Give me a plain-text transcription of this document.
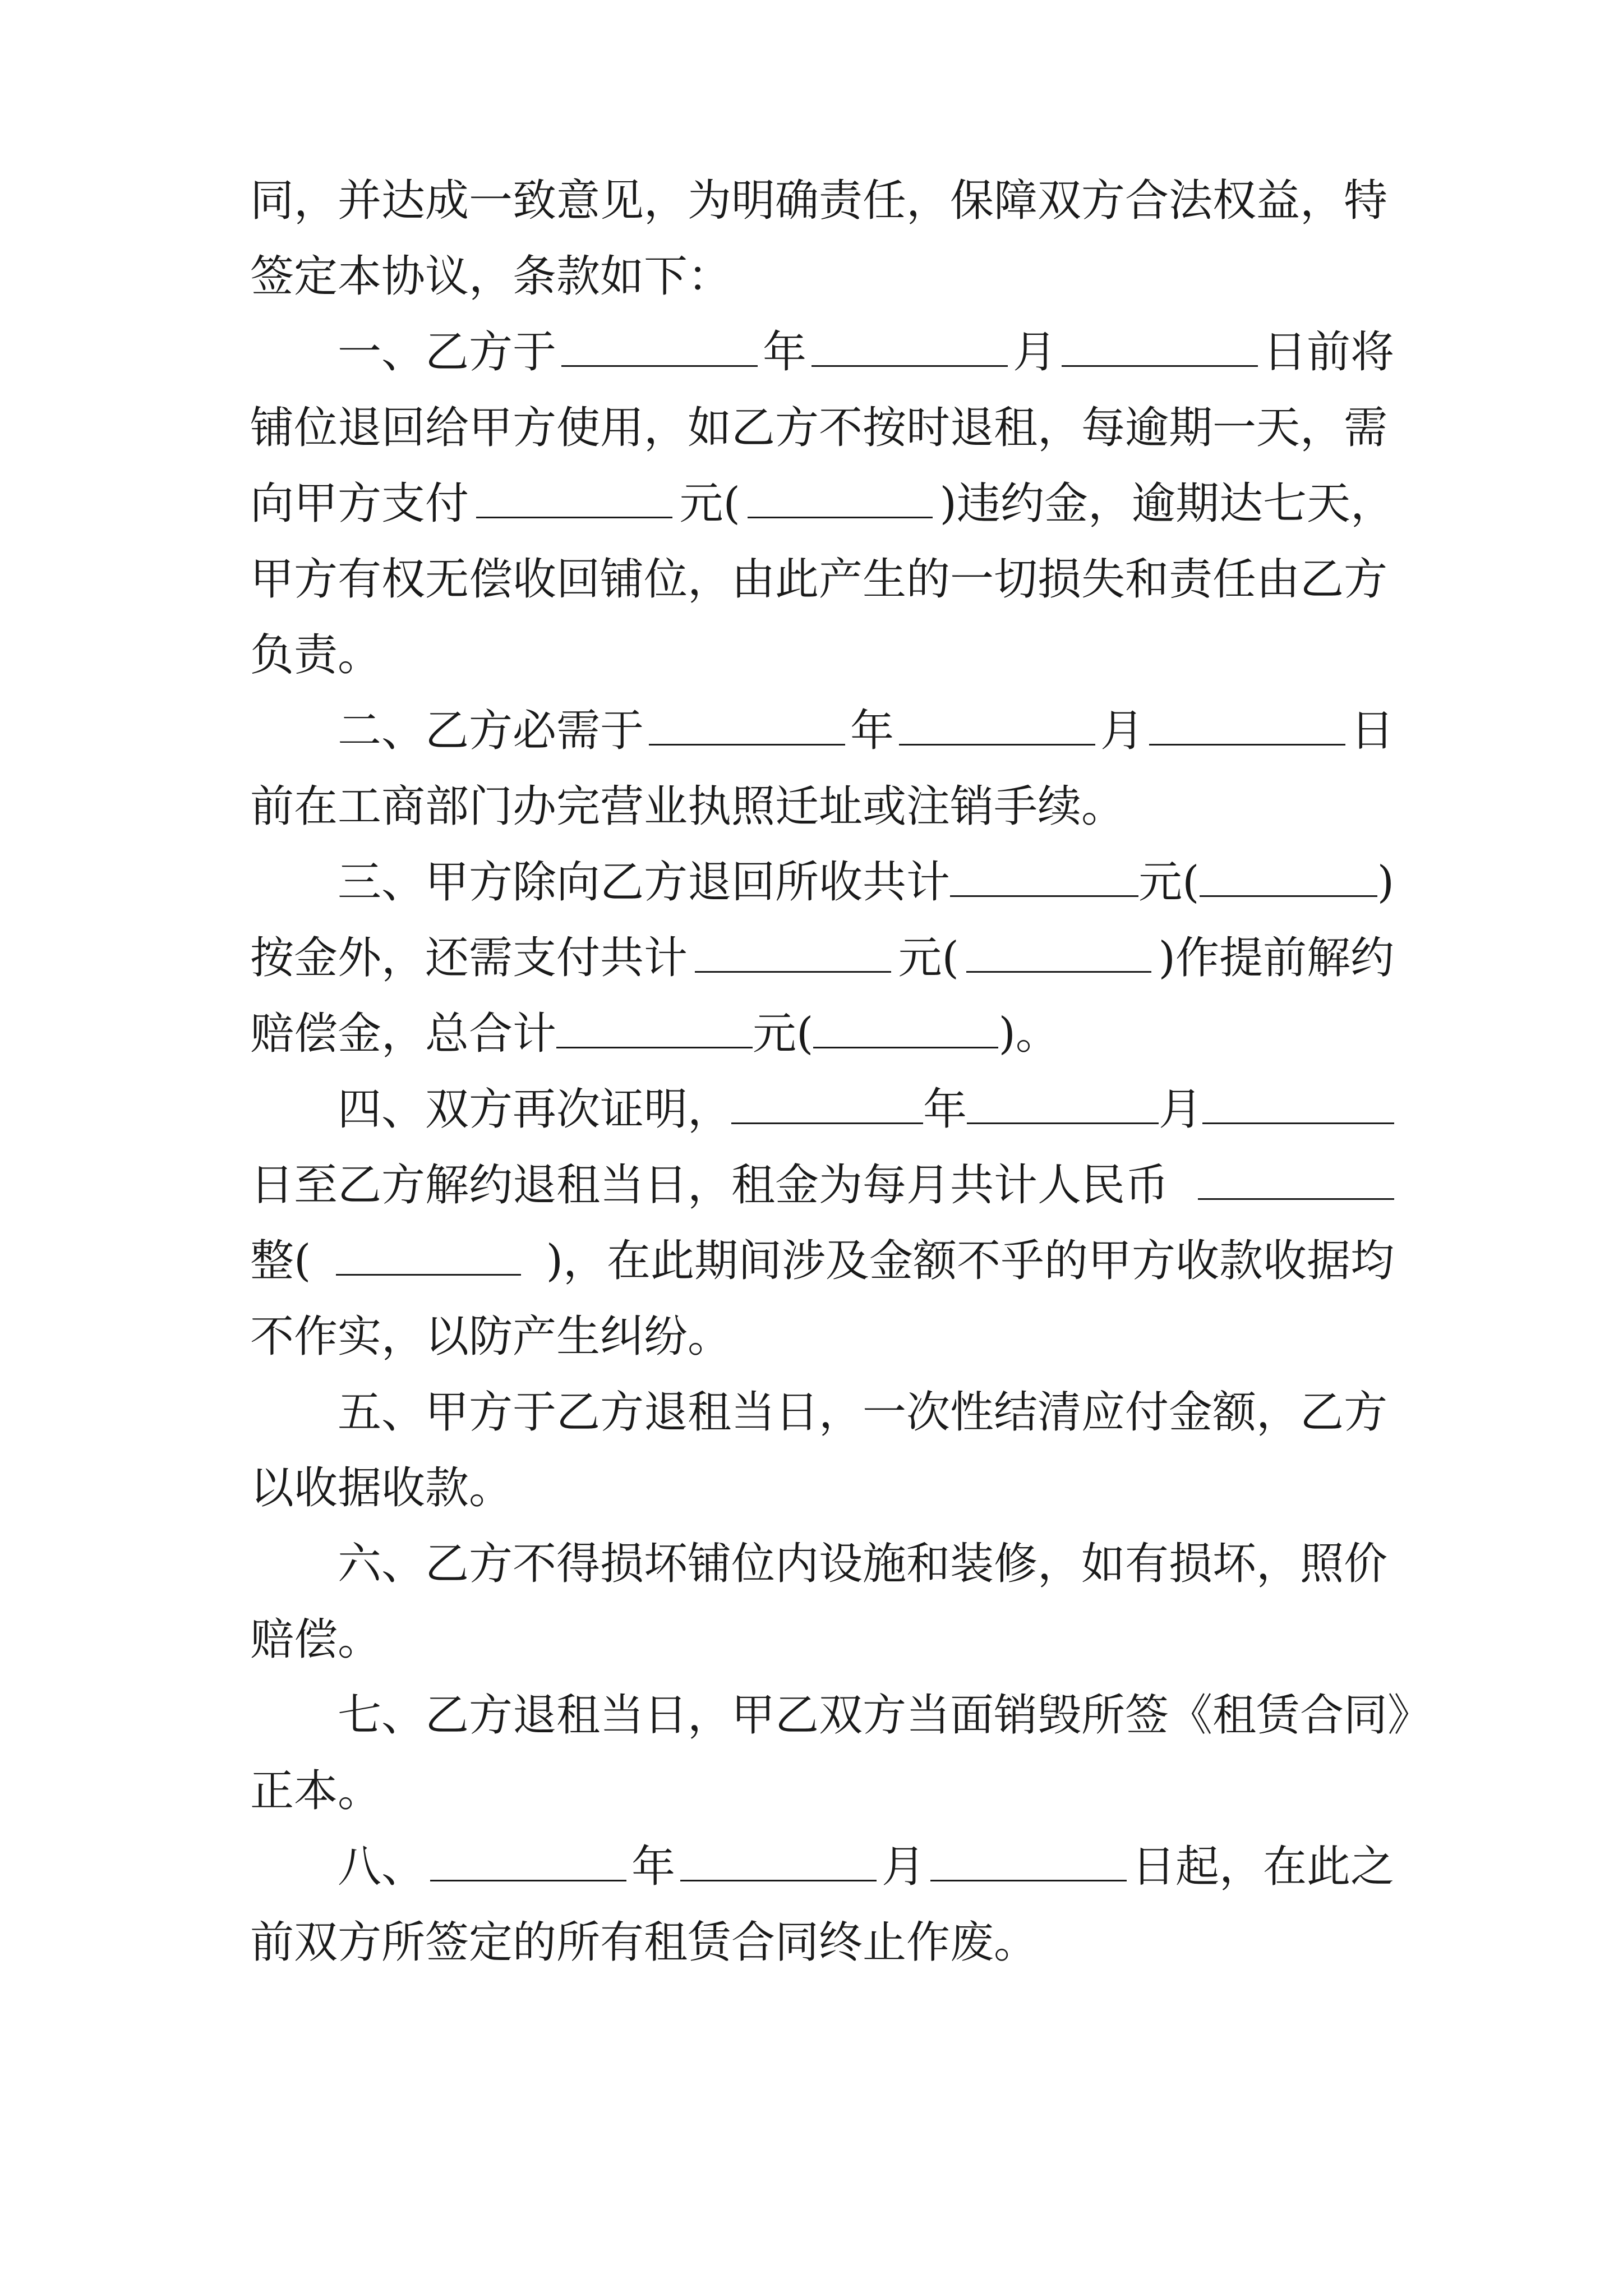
同，并达成一致意见，为明确责任，保障双方合法权益，特
签定本协议，条款如下：
一、乙方于	年	月	日前将
铺位退回给甲方使用，如乙方不按时退租，每逾期一天，需
向甲方支付	元(	)违约金，逾期达七天，
甲方有权无偿收回铺位，由此产生的一切损失和责任由乙方
负责。
二、乙方必需于	年	月	日
前在工商部门办完营业执照迁址或注销手续。
三、甲方除向乙方退回所收共计	元(	)
按金外，还需支付共计	元(	)作提前解约
赔偿金，总合计	元(	)。
四、双方再次证明，	年	月
日至乙方解约退租当日，租金为每月共计人民币
整(	)，在此期间涉及金额不乎的甲方收款收据均
不作实，以防产生纠纷。
五、甲方于乙方退租当日，一次性结清应付金额，乙方
以收据收款。
六、乙方不得损坏铺位内设施和装修，如有损坏，照价
赔偿。
七、乙方退租当日，甲乙双方当面销毁所签《租赁合同》
正本。
八、	年	月	日起，在此之
前双方所签定的所有租赁合同终止作废。
